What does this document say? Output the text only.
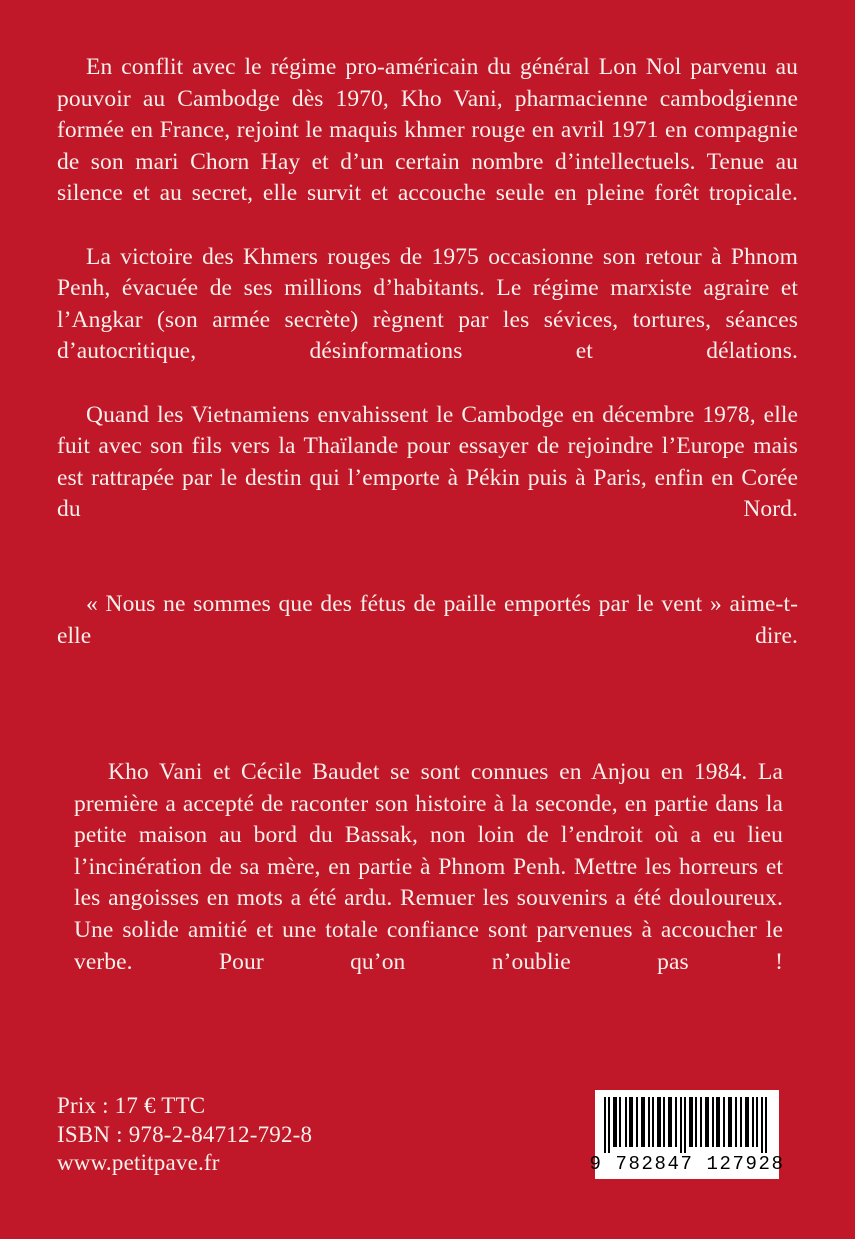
En conflit avec le régime pro-américain du général Lon Nol parvenu au pouvoir au Cambodge dès 1970, Kho Vani, pharmacienne cambodgienne formée en France, rejoint le maquis khmer rouge en avril 1971 en compagnie de son mari Chorn Hay et d’un certain nombre d’intellectuels. Tenue au silence et au secret, elle survit et accouche seule en pleine forêt tropicale.

La victoire des Khmers rouges de 1975 occasionne son retour à Phnom Penh, évacuée de ses millions d’habitants. Le régime marxiste agraire et l’Angkar (son armée secrète) règnent par les sévices, tortures, séances d’autocritique, désinformations et délations.

Quand les Vietnamiens envahissent le Cambodge en décembre 1978, elle fuit avec son fils vers la Thaïlande pour essayer de rejoindre l’Europe mais est rattrapée par le destin qui l’emporte à Pékin puis à Paris, enfin en Corée du Nord.

« Nous ne sommes que des fétus de paille emportés par le vent » aime-t-elle dire.

Kho Vani et Cécile Baudet se sont connues en Anjou en 1984. La première a accepté de raconter son histoire à la seconde, en partie dans la petite maison au bord du Bassak, non loin de l’endroit où a eu lieu l’incinération de sa mère, en partie à Phnom Penh. Mettre les horreurs et les angoisses en mots a été ardu. Remuer les souvenirs a été douloureux. Une solide amitié et une totale confiance sont parvenues à accoucher le verbe. Pour qu’on n’oublie pas !

Prix : 17 € TTC
ISBN : 978-2-84712-792-8
www.petitpave.fr	9 782847 127928
